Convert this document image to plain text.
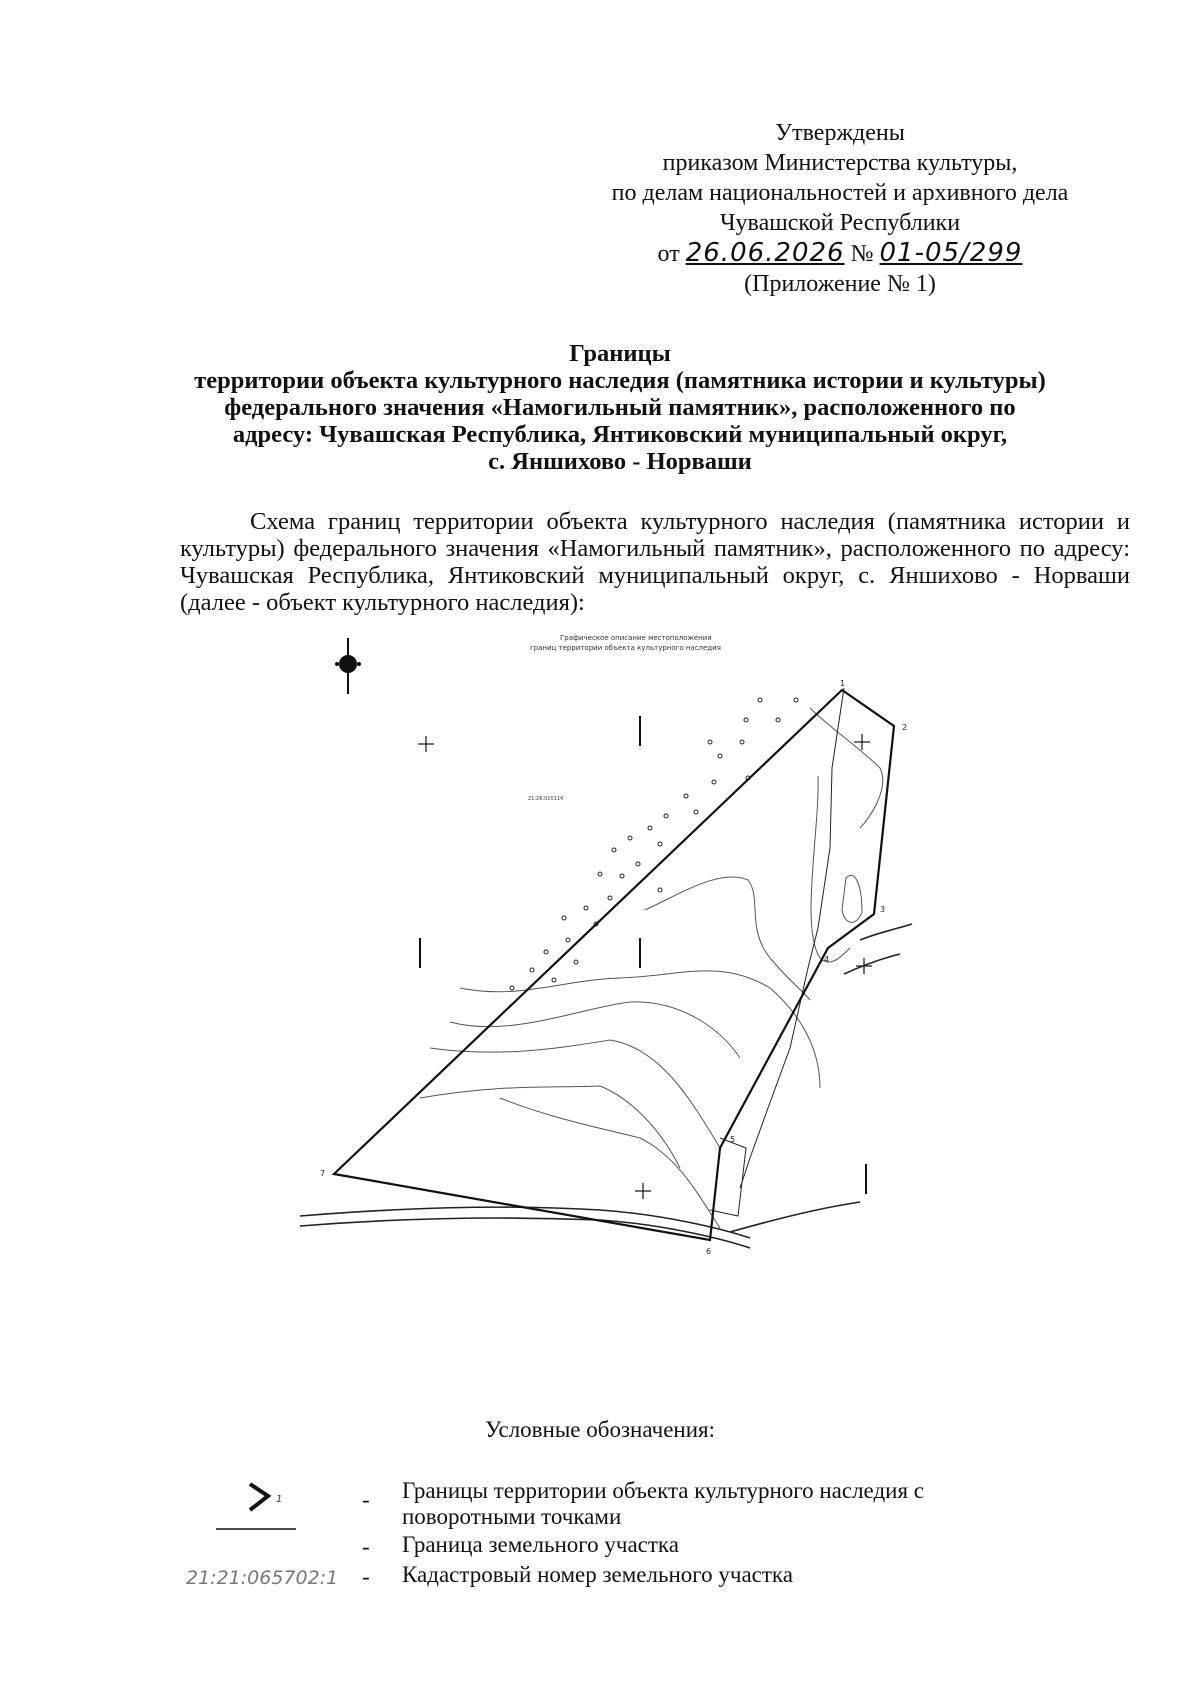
Утверждены
приказом Министерства культуры,
по делам национальностей и архивного дела
Чувашской Республики
от 26.06.2026 № 01-05/299
(Приложение № 1)
Границы
территории объекта культурного наследия (памятника истории и культуры)
федерального значения «Намогильный памятник», расположенного по
адресу: Чувашская Республика, Янтиковский муниципальный округ,
с. Яншихово - Норваши
Схема границ территории объекта культурного наследия (памятника истории и культуры) федерального значения «Намогильный памятник», расположенного по адресу: Чувашская Республика, Янтиковский муниципальный округ, с. Яншихово - Норваши (далее - объект культурного наследия):
Графическое описание местоположения
границ территории объекта культурного наследия
21:26:010114
1
2
3
4
5
6
7
Условные обозначения:
1
21:21:065702:1
- Границы территории объекта культурного наследия с поворотными точками
- Граница земельного участка
- Кадастровый номер земельного участка
